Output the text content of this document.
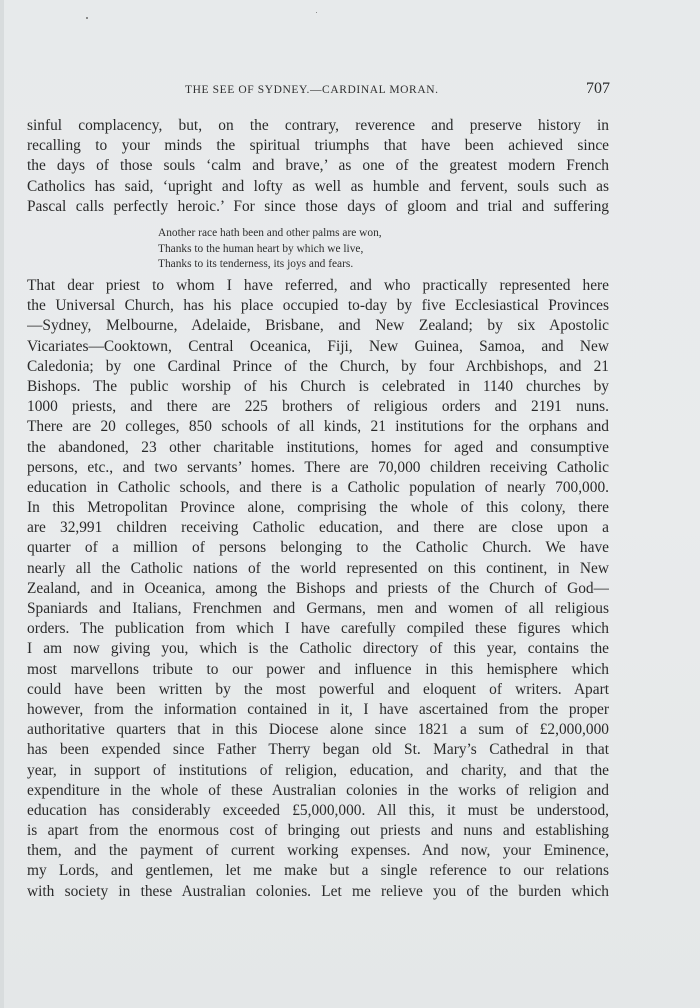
THE SEE OF SYDNEY.—CARDINAL MORAN.	707
sinful complacency, but, on the contrary, reverence and preserve history in
recalling to your minds the spiritual triumphs that have been achieved since
the days of those souls ‘calm and brave,’ as one of the greatest modern French
Catholics has said, ‘upright and lofty as well as humble and fervent, souls such as
Pascal calls perfectly heroic.’ For since those days of gloom and trial and suffering
Another race hath been and other palms are won,
Thanks to the human heart by which we live,
Thanks to its tenderness, its joys and fears.
That dear priest to whom I have referred, and who practically represented here
the Universal Church, has his place occupied to-day by five Ecclesiastical Provinces
—Sydney, Melbourne, Adelaide, Brisbane, and New Zealand; by six Apostolic
Vicariates—Cooktown, Central Oceanica, Fiji, New Guinea, Samoa, and New
Caledonia; by one Cardinal Prince of the Church, by four Archbishops, and 21
Bishops. The public worship of his Church is celebrated in 1140 churches by
1000 priests, and there are 225 brothers of religious orders and 2191 nuns.
There are 20 colleges, 850 schools of all kinds, 21 institutions for the orphans and
the abandoned, 23 other charitable institutions, homes for aged and consumptive
persons, etc., and two servants’ homes. There are 70,000 children receiving Catholic
education in Catholic schools, and there is a Catholic population of nearly 700,000.
In this Metropolitan Province alone, comprising the whole of this colony, there
are 32,991 children receiving Catholic education, and there are close upon a
quarter of a million of persons belonging to the Catholic Church. We have
nearly all the Catholic nations of the world represented on this continent, in New
Zealand, and in Oceanica, among the Bishops and priests of the Church of God—
Spaniards and Italians, Frenchmen and Germans, men and women of all religious
orders. The publication from which I have carefully compiled these figures which
I am now giving you, which is the Catholic directory of this year, contains the
most marvellons tribute to our power and influence in this hemisphere which
could have been written by the most powerful and eloquent of writers. Apart
however, from the information contained in it, I have ascertained from the proper
authoritative quarters that in this Diocese alone since 1821 a sum of £2,000,000
has been expended since Father Therry began old St. Mary’s Cathedral in that
year, in support of institutions of religion, education, and charity, and that the
expenditure in the whole of these Australian colonies in the works of religion and
education has considerably exceeded £5,000,000. All this, it must be understood,
is apart from the enormous cost of bringing out priests and nuns and establishing
them, and the payment of current working expenses. And now, your Eminence,
my Lords, and gentlemen, let me make but a single reference to our relations
with society in these Australian colonies. Let me relieve you of the burden which
